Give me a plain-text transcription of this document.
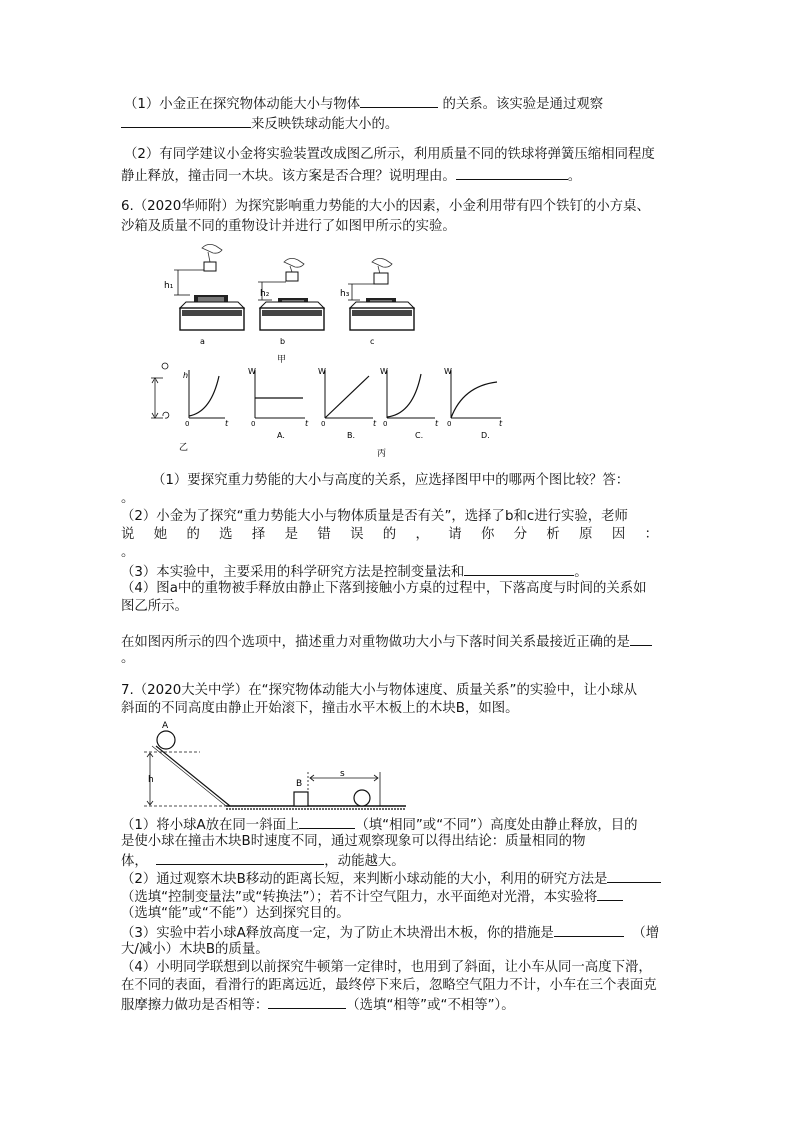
（1）小金正在探究物体动能大小与物体	的关系。该实验是通过观察
来反映铁球动能大小的。
（2）有同学建议小金将实验装置改成图乙所示，利用质量不同的铁球将弹簧压缩相同程度
静止释放，撞击同一木块。该方案是否合理？说明理由。	。
6.（2020华师附）为探究影响重力势能的大小的因素，小金利用带有四个铁钉的小方桌、
沙箱及质量不同的重物设计并进行了如图甲所示的实验。
h₁
a
h₂
b
甲
h₃
c
h
t
0
乙
W
t
0
A.
W
t
0
B.
W
t
0
C.
W
t
0
D.
丙
（1）要探究重力势能的大小与高度的关系，应选择图甲中的哪两个图比较？答：
。
（2）小金为了探究“重力势能大小与物体质量是否有关”，选择了b和c进行实验，老师
说她的选择是错误的，请你分析原因：
。
（3）本实验中，主要采用的科学研究方法是控制变量法和	。
（4）图a中的重物被手释放由静止下落到接触小方桌的过程中，下落高度与时间的关系如
图乙所示。
在如图丙所示的四个选项中，描述重力对重物做功大小与下落时间关系最接近正确的是
。
7.（2020大关中学）在“探究物体动能大小与物体速度、质量关系”的实验中，让小球从
斜面的不同高度由静止开始滚下，撞击水平木板上的木块B，如图。
A
h	B
s
（1）将小球A放在同一斜面上	（填“相同”或“不同”）高度处由静止释放，目的
是使小球在撞击木块B时速度不同，通过观察现象可以得出结论：质量相同的物
体，	，动能越大。
（2）通过观察木块B移动的距离长短，来判断小球动能的大小，利用的研究方法是
（选填“控制变量法”或“转换法”）；若不计空气阻力，水平面绝对光滑，本实验将
（选填“能”或“不能”）达到探究目的。
（3）实验中若小球A释放高度一定，为了防止木块滑出木板，你的措施是	（增
大/减小）木块B的质量。
（4）小明同学联想到以前探究牛顿第一定律时，也用到了斜面，让小车从同一高度下滑，
在不同的表面，看滑行的距离远近，最终停下来后，忽略空气阻力不计，小车在三个表面克
服摩擦力做功是否相等：	（选填“相等”或“不相等”）。
